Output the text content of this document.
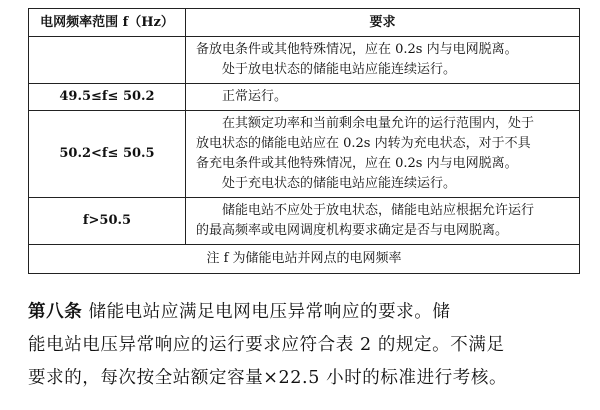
电网频率范围 f（Hz）	要求

	备放电条件或其他特殊情况，应在 0.2s 内与电网脱离。
处于放电状态的储能电站应能连续运行。

49.5≤f≤ 50.2	正常运行。

50.2<f≤ 50.5	在其额定功率和当前剩余电量允许的运行范围内，处于
放电状态的储能电站应在 0.2s 内转为充电状态，对于不具
备充电条件或其他特殊情况，应在 0.2s 内与电网脱离。
处于充电状态的储能电站应能连续运行。

f>50.5	储能电站不应处于放电状态，储能电站应根据允许运行
的最高频率或电网调度机构要求确定是否与电网脱离。

注 f 为储能电站并网点的电网频率	
第八条 储能电站应满足电网电压异常响应的要求。储
能电站电压异常响应的运行要求应符合表 2 的规定。不满足
要求的，每次按全站额定容量×22.5 小时的标准进行考核。
